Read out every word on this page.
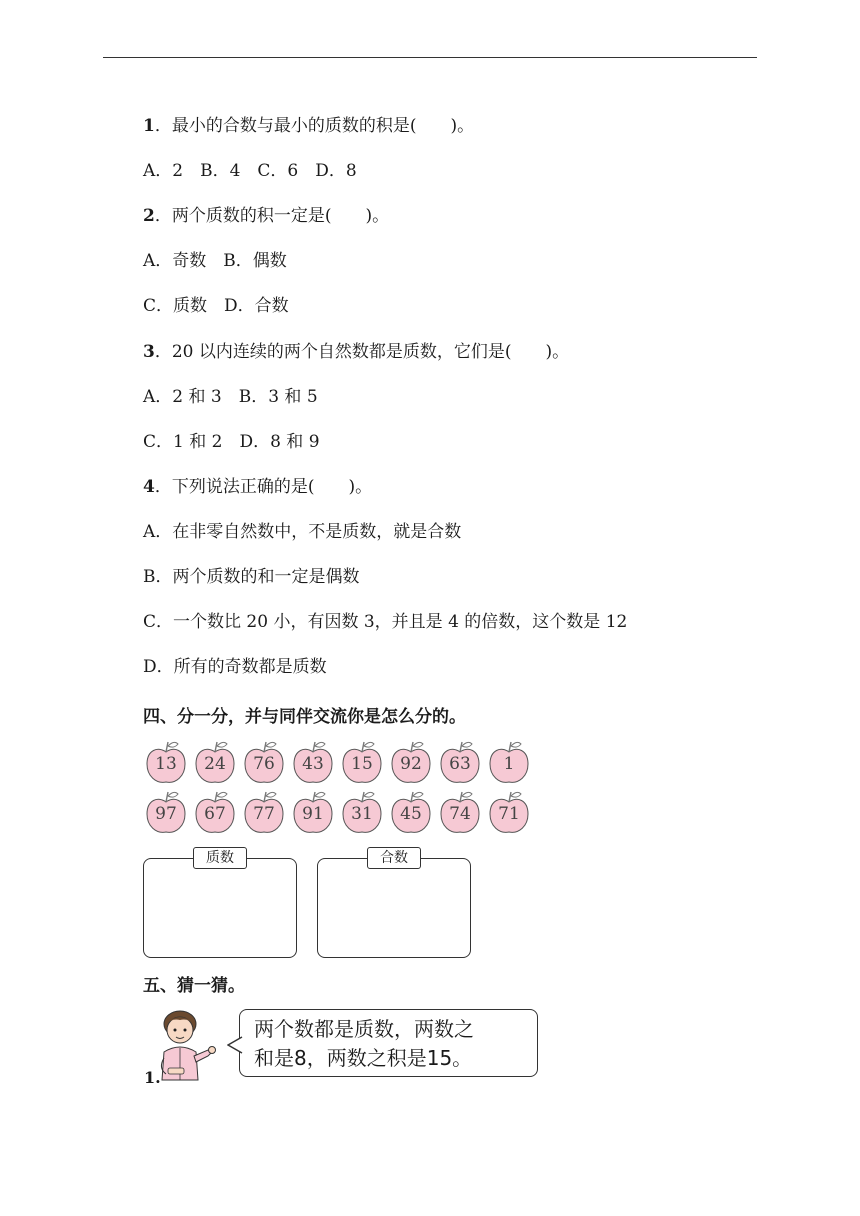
1．最小的合数与最小的质数的积是(　　)。
A．2　B．4　C．6　D．8
2．两个质数的积一定是(　　)。
A．奇数　B．偶数
C．质数　D．合数
3．20 以内连续的两个自然数都是质数，它们是(　　)。
A．2 和 3　B．3 和 5
C．1 和 2　D．8 和 9
4．下列说法正确的是(　　)。
A．在非零自然数中，不是质数，就是合数
B．两个质数的和一定是偶数
C．一个数比 20 小，有因数 3，并且是 4 的倍数，这个数是 12
D．所有的奇数都是质数
四、分一分，并与同伴交流你是怎么分的。
13	24	76	43	15	92	63	1
97	67	77	91	31	45	74	71
质数	合数
五、猜一猜。
1.
两个数都是质数，两数之
和是8，两数之积是15。
